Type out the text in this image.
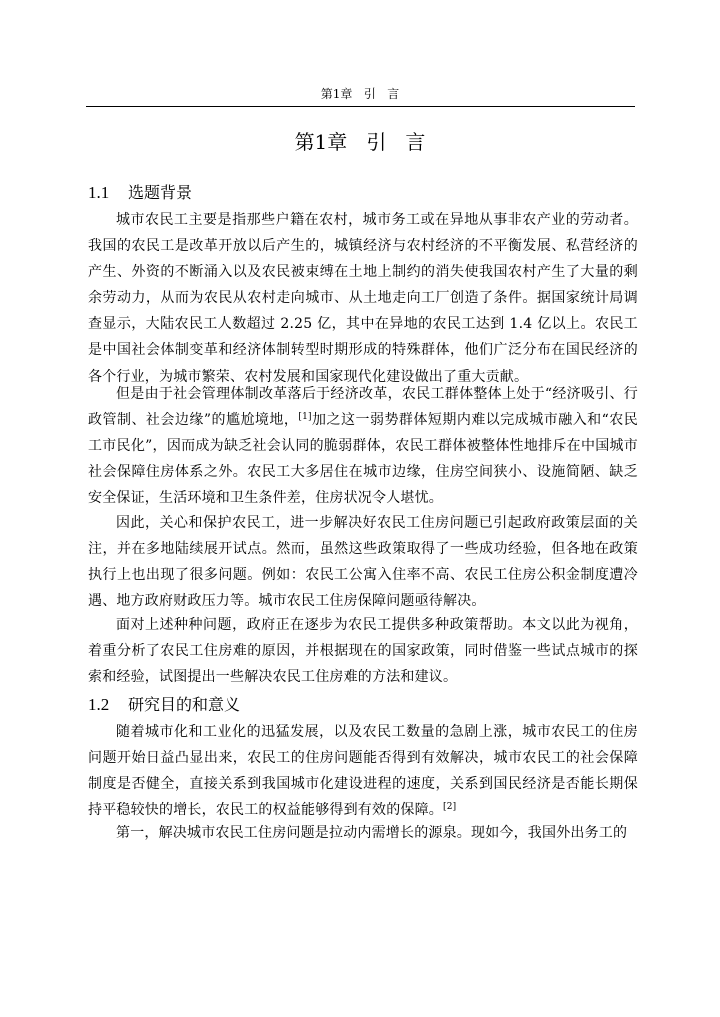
第1章   引   言
第1章   引   言
1.1 选题背景

城市农民工主要是指那些户籍在农村，城市务工或在异地从事非农产业的劳动者。我国的农民工是改革开放以后产生的，城镇经济与农村经济的不平衡发展、私营经济的产生、外资的不断涌入以及农民被束缚在土地上制约的消失使我国农村产生了大量的剩余劳动力，从而为农民从农村走向城市、从土地走向工厂创造了条件。据国家统计局调查显示，大陆农民工人数超过 2.25 亿，其中在异地的农民工达到 1.4 亿以上。农民工是中国社会体制变革和经济体制转型时期形成的特殊群体，他们广泛分布在国民经济的各个行业，为城市繁荣、农村发展和国家现代化建设做出了重大贡献。

但是由于社会管理体制改革落后于经济改革，农民工群体整体上处于“经济吸引、行政管制、社会边缘”的尴尬境地，[1]加之这一弱势群体短期内难以完成城市融入和“农民工市民化”，因而成为缺乏社会认同的脆弱群体，农民工群体被整体性地排斥在中国城市社会保障住房体系之外。农民工大多居住在城市边缘，住房空间狭小、设施简陋、缺乏安全保证，生活环境和卫生条件差，住房状况令人堪忧。

因此，关心和保护农民工，进一步解决好农民工住房问题已引起政府政策层面的关注，并在多地陆续展开试点。然而，虽然这些政策取得了一些成功经验，但各地在政策执行上也出现了很多问题。例如：农民工公寓入住率不高、农民工住房公积金制度遭冷遇、地方政府财政压力等。城市农民工住房保障问题亟待解决。

面对上述种种问题，政府正在逐步为农民工提供多种政策帮助。本文以此为视角，着重分析了农民工住房难的原因，并根据现在的国家政策，同时借鉴一些试点城市的探索和经验，试图提出一些解决农民工住房难的方法和建议。

1.2 研究目的和意义

随着城市化和工业化的迅猛发展，以及农民工数量的急剧上涨，城市农民工的住房问题开始日益凸显出来，农民工的住房问题能否得到有效解决，城市农民工的社会保障制度是否健全，直接关系到我国城市化建设进程的速度，关系到国民经济是否能长期保持平稳较快的增长，农民工的权益能够得到有效的保障。[2]

第一，解决城市农民工住房问题是拉动内需增长的源泉。现如今，我国外出务工的
